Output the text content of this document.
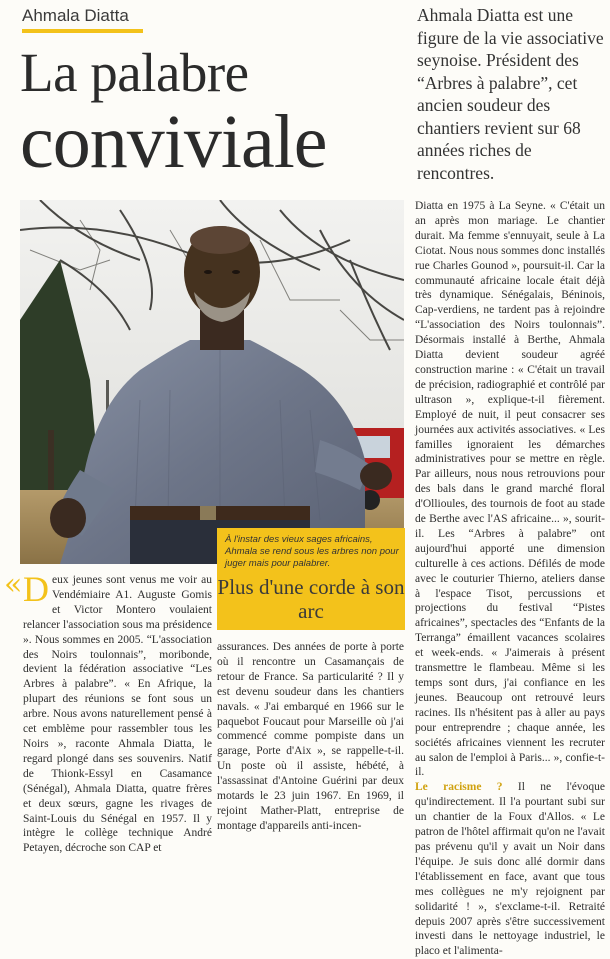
Ahmala Diatta
La palabre
conviviale

Ahmala Diatta est une figure de la vie associative seynoise. Président des “Arbres à palabre”, cet ancien soudeur des chantiers revient sur 68 années riches de rencontres.

À l'instar des vieux sages africains, Ahmala se rend sous les arbres non pour juger mais pour palabrer.
Plus d'une corde à son arc
« Deux jeunes sont venus me voir au Vendémiaire A1. Auguste Gomis et Victor Montero voulaient relancer l'association sous ma présidence ». Nous sommes en 2005. “L'association des Noirs toulonnais”, moribonde, devient la fédération associative “Les Arbres à palabre”. « En Afrique, la plupart des réunions se font sous un arbre. Nous avons naturellement pensé à cet emblème pour rassembler tous les Noirs », raconte Ahmala Diatta, le regard plongé dans ses souvenirs. Natif de Thionk-Essyl en Casamance (Sénégal), Ahmala Diatta, quatre frères et deux sœurs, gagne les rivages de Saint-Louis du Sénégal en 1957. Il y intègre le collège technique André Petayen, décroche son CAP et

assurances. Des années de porte à porte où il rencontre un Casamançais de retour de France. Sa particularité ? Il y est devenu soudeur dans les chantiers navals. « J'ai embarqué en 1966 sur le paquebot Foucaut pour Marseille où j'ai commencé comme pompiste dans un garage, Porte d'Aix », se rappelle-t-il. Un poste où il assiste, hébété, à l'assassinat d'Antoine Guérini par deux motards le 23 juin 1967. En 1969, il rejoint Mather-Platt, entreprise de montage d'appareils anti-incen-

Diatta en 1975 à La Seyne. « C'était un an après mon mariage. Le chantier durait. Ma femme s'ennuyait, seule à La Ciotat. Nous nous sommes donc installés rue Charles Gounod », poursuit-il. Car la communauté africaine locale était déjà très dynamique. Sénégalais, Béninois, Cap-verdiens, ne tardent pas à rejoindre “L'association des Noirs toulonnais”. Désormais installé à Berthe, Ahmala Diatta devient soudeur agréé construction marine : « C'était un travail de précision, radiographié et contrôlé par ultrason », explique-t-il fièrement. Employé de nuit, il peut consacrer ses journées aux activités associatives. « Les familles ignoraient les démarches administratives pour se mettre en règle. Par ailleurs, nous nous retrouvions pour des bals dans le grand marché floral d'Ollioules, des tournois de foot au stade de Berthe avec l'AS africaine... », sourit-il. Les “Arbres à palabre” ont aujourd'hui apporté une dimension culturelle à ces actions. Défilés de mode avec le couturier Thierno, ateliers danse à l'espace Tisot, percussions et projections du festival “Pistes africaines”, spectacles des “Enfants de la Terranga” émaillent vacances scolaires et week-ends. « J'aimerais à présent transmettre le flambeau. Même si les temps sont durs, j'ai confiance en les jeunes. Beaucoup ont retrouvé leurs racines. Ils n'hésitent pas à aller au pays pour entreprendre ; chaque année, les sociétés africaines viennent les recruter au salon de l'emploi à Paris... », confie-t-il.

Le racisme ? Il ne l'évoque qu'indirectement. Il l'a pourtant subi sur un chantier de la Foux d'Allos. « Le patron de l'hôtel affirmait qu'on ne l'avait pas prévenu qu'il y avait un Noir dans l'équipe. Je suis donc allé dormir dans l'établissement en face, avant que tous mes collègues ne m'y rejoignent par solidarité ! », s'exclame-t-il. Retraité depuis 2007 après s'être successivement investi dans le nettoyage industriel, le placo et l'alimenta-
